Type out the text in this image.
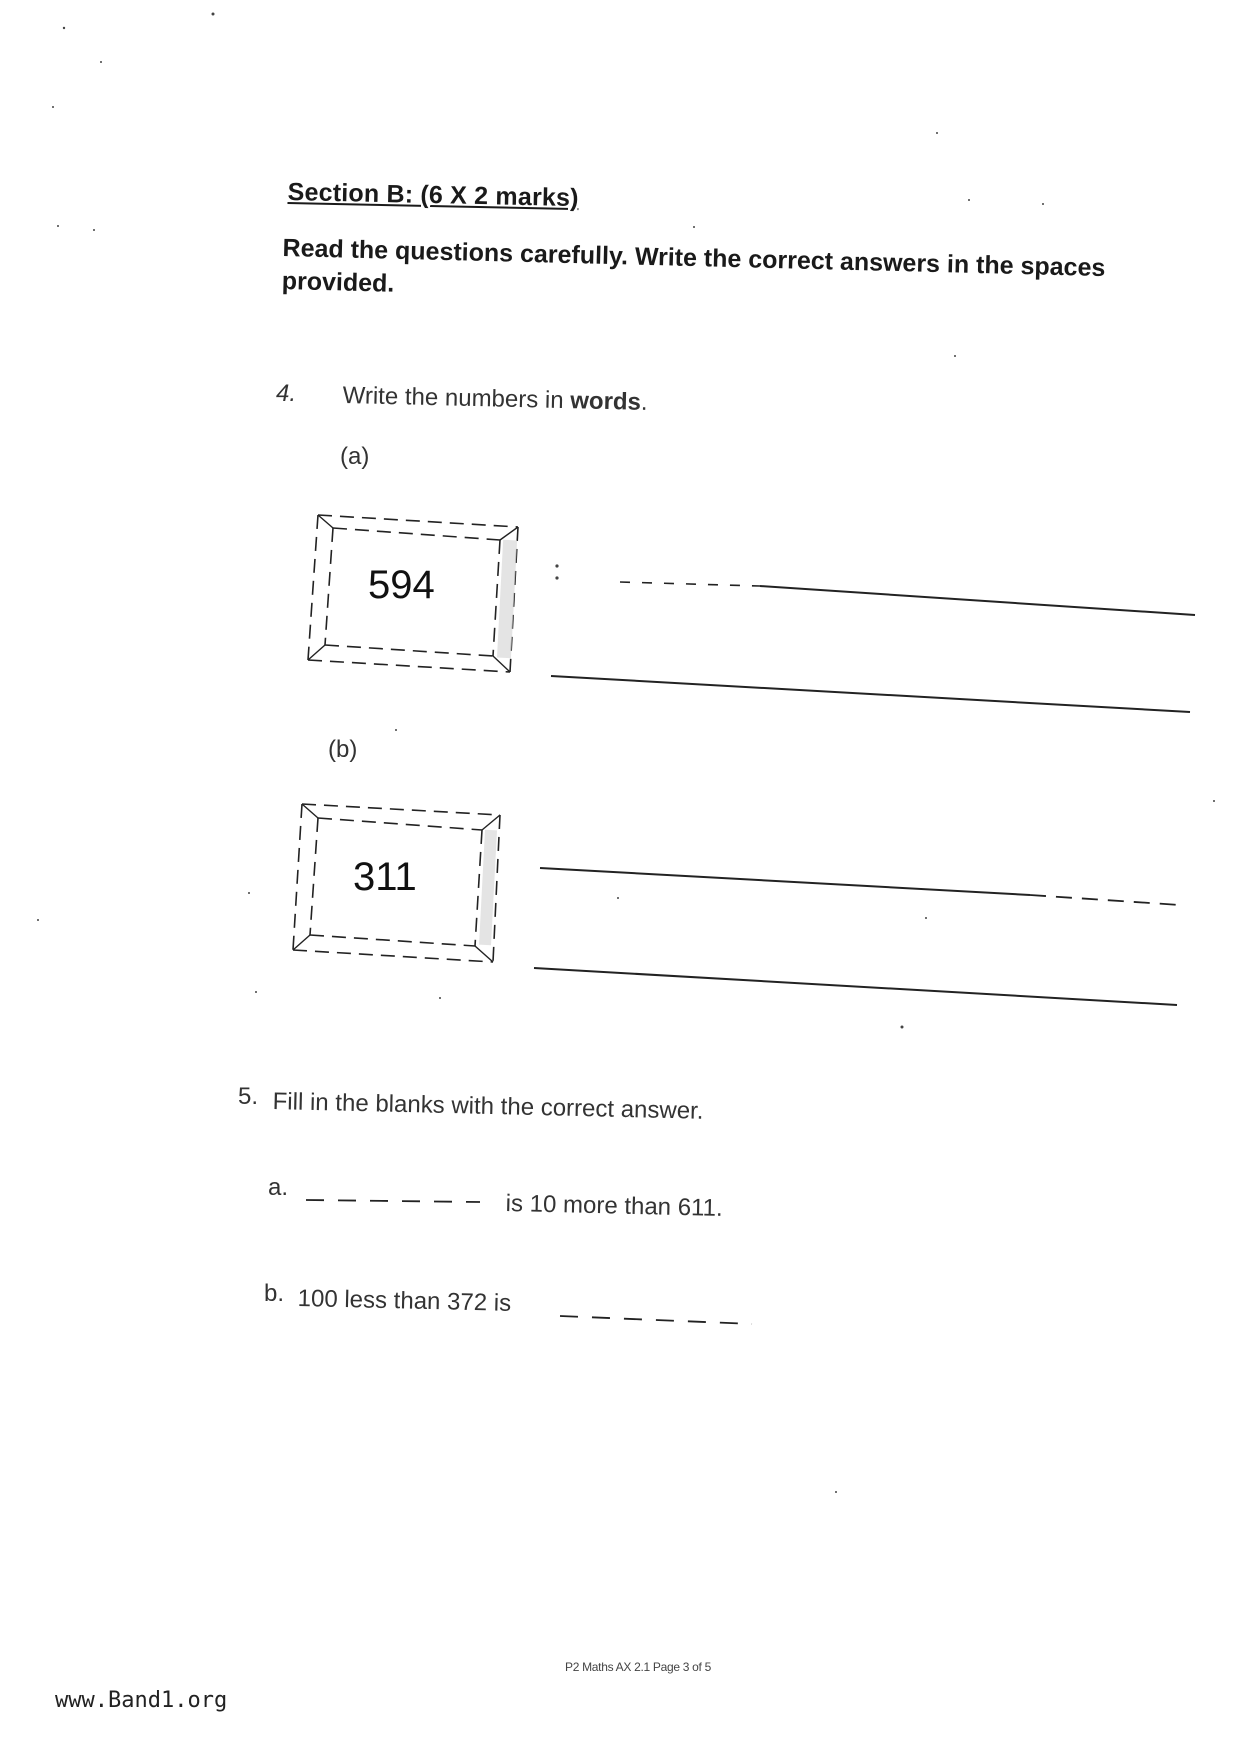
Section B: (6 X 2 marks)
Read the questions carefully. Write the correct answers in the spaces provided.
4. Write the numbers in words.
(a)
(b)
594
311
5. Fill in the blanks with the correct answer.
a.
is 10 more than 611.
b. 100 less than 372 is
P2 Maths AX 2.1 Page 3 of 5
www.Band1.org
